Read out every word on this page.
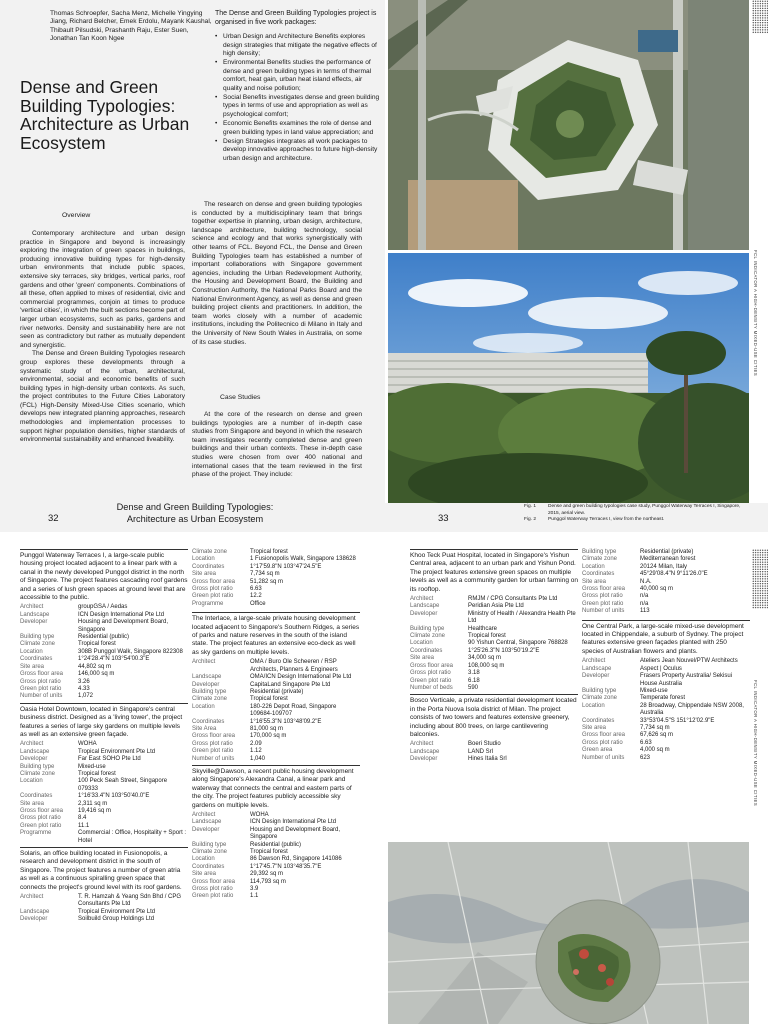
Thomas Schroepfer, Sacha Menz, Michelle Yingying Jiang, Richard Belcher, Emek Erdolu, Mayank Kaushal, Thibault Pilsudski, Prashanth Raju, Ester Suen, Jonathan Tan Koon Ngee
Dense and Green Building Typologies: Architecture as Urban Ecosystem

The Dense and Green Building Typologies project is organised in five work packages:

• Urban Design and Architecture Benefits explores design strategies that mitigate the negative effects of high density;
• Environmental Benefits studies the performance of dense and green building types in terms of thermal comfort, heat gain, urban heat island effects, air quality and noise pollution;
• Social Benefits investigates dense and green building types in terms of use and appropriation as well as psychological comfort;
• Economic Benefits examines the role of dense and green building types in land value appreciation; and
• Design Strategies integrates all work packages to develop innovative approaches to future high-density urban design and architecture.
Overview

Contemporary architecture and urban design practice in Singapore and beyond is increasingly exploring the integration of green spaces in buildings, producing innovative building types for high-density urban environments that include public spaces, extensive sky terraces, sky bridges, vertical parks, roof gardens and other 'green' components. Combinations of all these, often applied to mixes of residential, civic and commercial programmes, conjoin at times to produce 'vertical cities', in which the built sections become part of larger urban ecosystems, such as parks, gardens and river networks. Density and sustainability here are not seen as contradictory but rather as mutually dependent and synergistic.

The Dense and Green Building Typologies research group explores these developments through a systematic study of the urban, architectural, environmental, social and economic benefits of such building types in high-density urban contexts. As such, the project contributes to the Future Cities Laboratory (FCL) High-Density Mixed-Use Cities scenario, which develops new integrated planning approaches, research methodologies and implementation processes to support higher population densities, higher standards of environmental sustainability and enhanced liveability.

The research on dense and green building typologies is conducted by a multidisciplinary team that brings together expertise in planning, urban design, architecture, landscape architecture, building technology, social science and ecology and that works synergistically with other teams of FCL. Beyond FCL, the Dense and Green Building Typologies team has established a number of important collaborations with Singapore government agencies, including the Urban Redevelopment Authority, the Housing and Development Board, the Building and Construction Authority, the National Parks Board and the National Environment Agency, as well as dense and green building project clients and practitioners. In addition, the team works closely with a number of academic institutions, including the Politecnico di Milano in Italy and the University of New South Wales in Australia, on some of its case studies.

Case Studies

At the core of the research on dense and green buildings typologies are a number of in-depth case studies from Singapore and beyond in which the research team investigates recently completed dense and green buildings and their urban contexts. These in-depth case studies were chosen from over 400 national and international cases that the team reviewed in the first phase of the project. They include:

Dense and Green Building Typologies: Architecture as Urban Ecosystem
32	33
Fig. 1	Dense and green building typologies case study, Punggol Waterway Terraces I, Singapore, 2015, aerial view.
Fig. 2	Punggol Waterway Terraces I, view from the northeast.
FCL INDICATOR A HIGH-DENSITY MIXED-USE CITIES

Punggol Waterway Terraces I, a large-scale public housing project located adjacent to a linear park with a canal in the newly developed Punggol district in the north of Singapore. The project features cascading roof gardens and a series of lush green spaces at ground level that are accessible to the public.

Architect	groupGSA / Aedas
Landscape	ICN Design International Pte Ltd
Developer	Housing and Development Board, Singapore
Building type	Residential (public)
Climate zone	Tropical forest
Location	308B Punggol Walk, Singapore 822308
Coordinates	1°24'28.4"N 103°54'00.3"E
Site area	44,802 sq m
Gross floor area	146,000 sq m
Gross plot ratio	3.26
Green plot ratio	4.33
Number of units	1,072

Oasia Hotel Downtown, located in Singapore's central business district. Designed as a 'living tower', the project features a series of large sky gardens on multiple levels as well as an extensive green façade.

Architect	WOHA
Landscape	Tropical Environment Pte Ltd
Developer	Far East SOHO Pte Ltd
Building type	Mixed-use
Climate zone	Tropical forest
Location	100 Peck Seah Street, Singapore 079333
Coordinates	1°16'33.4"N 103°50'40.0"E
Site area	2,311 sq m
Gross floor area	19,416 sq m
Gross plot ratio	8.4
Green plot ratio	11.1
Programme	Commercial : Office, Hospitality + Sport : Hotel

Solaris, an office building located in Fusionopolis, a research and development district in the south of Singapore. The project features a number of green atria as well as a continuous spiralling green space that connects the project's ground level with its roof gardens.

Architect	T. R. Hamzah & Yeang Sdn Bhd / CPG Consultants Pte Ltd
Landscape	Tropical Environment Pte Ltd
Developer	Soilbuild Group Holdings Ltd
Climate zone	Tropical forest
Location	1 Fusionopolis Walk, Singapore 138628
Coordinates	1°17'59.8"N 103°47'24.5"E
Site area	7,734 sq m
Gross floor area	51,282 sq m
Gross plot ratio	6.63
Green plot ratio	12.2
Programme	Office

The Interlace, a large-scale private housing development located adjacent to Singapore's Southern Ridges, a series of parks and nature reserves in the south of the island state. The project features an extensive eco-deck as well as sky gardens on multiple levels.

Architect	OMA / Buro Ole Scheeren / RSP Architects, Planners & Engineers
Landscape	OMA/ICN Design International Pte Ltd
Developer	CapitaLand Singapore Pte Ltd
Building type	Residential (private)
Climate zone	Tropical forest
Location	180-226 Depot Road, Singapore 109684-109707
Coordinates	1°16'55.3"N 103°48'09.2"E
Site Area	81,000 sq m
Gross floor area	170,000 sq m
Gross plot ratio	2.09
Green plot ratio	1.12
Number of units	1,040

Skyville@Dawson, a recent public housing development along Singapore's Alexandra Canal, a linear park and waterway that connects the central and eastern parts of the city. The project features publicly accessible sky gardens on multiple levels.

Architect	WOHA
Landscape	ICN Design International Pte Ltd
Developer	Housing and Development Board, Singapore
Building type	Residential (public)
Climate zone	Tropical forest
Location	86 Dawson Rd, Singapore 141086
Coordinates	1°17'45.7"N 103°48'35.7"E
Site area	29,392 sq m
Gross floor area	114,793 sq m
Gross plot ratio	3.9
Green plot ratio	1.1

Khoo Teck Puat Hospital, located in Singapore's Yishun Central area, adjacent to an urban park and Yishun Pond. The project features extensive green spaces on multiple levels as well as a community garden for urban farming on its rooftop.

Architect	RMJM / CPG Consultants Pte Ltd
Landscape	Peridian Asia Pte Ltd
Developer	Ministry of Health / Alexandra Health Pte Ltd
Building type	Healthcare
Climate zone	Tropical forest
Location	90 Yishun Central, Singapore 768828
Coordinates	1°25'26.3"N 103°50'19.2"E
Site area	34,000 sq m
Gross floor area	108,000 sq m
Gross plot ratio	3.18
Green plot ratio	6.18
Number of beds	590

Bosco Verticale, a private residential development located in the Porta Nuova Isola district of Milan. The project consists of two towers and features extensive greenery, including about 800 trees, on large cantilevering balconies.

Architect	Boeri Studio
Landscape	LAND Srl
Developer	Hines Italia Srl
Building type	Residential (private)
Climate zone	Mediterranean forest
Location	20124 Milan, Italy
Coordinates	45°29'08.4"N 9°11'26.0"E
Site area	N.A.
Gross floor area	40,000 sq m
Gross plot ratio	n/a
Green plot ratio	n/a
Number of units	113

One Central Park, a large-scale mixed-use development located in Chippendale, a suburb of Sydney. The project features extensive green façades planted with 250 species of Australian flowers and plants.

Architect	Ateliers Jean Nouvel/PTW Architects
Landscape	Aspect | Oculus
Developer	Frasers Property Australia/ Sekisui House Australia
Building type	Mixed-use
Climate zone	Temperate forest
Location	28 Broadway, Chippendale NSW 2008, Australia
Coordinates	33°53'04.5"S 151°12'02.9"E
Site area	7,734 sq m
Gross floor area	67,626 sq m
Gross plot ratio	6.63
Green area	4,000 sq m
Number of units	623	FCL INDICATOR A HIGH-DENSITY MIXED-USE CITIES
